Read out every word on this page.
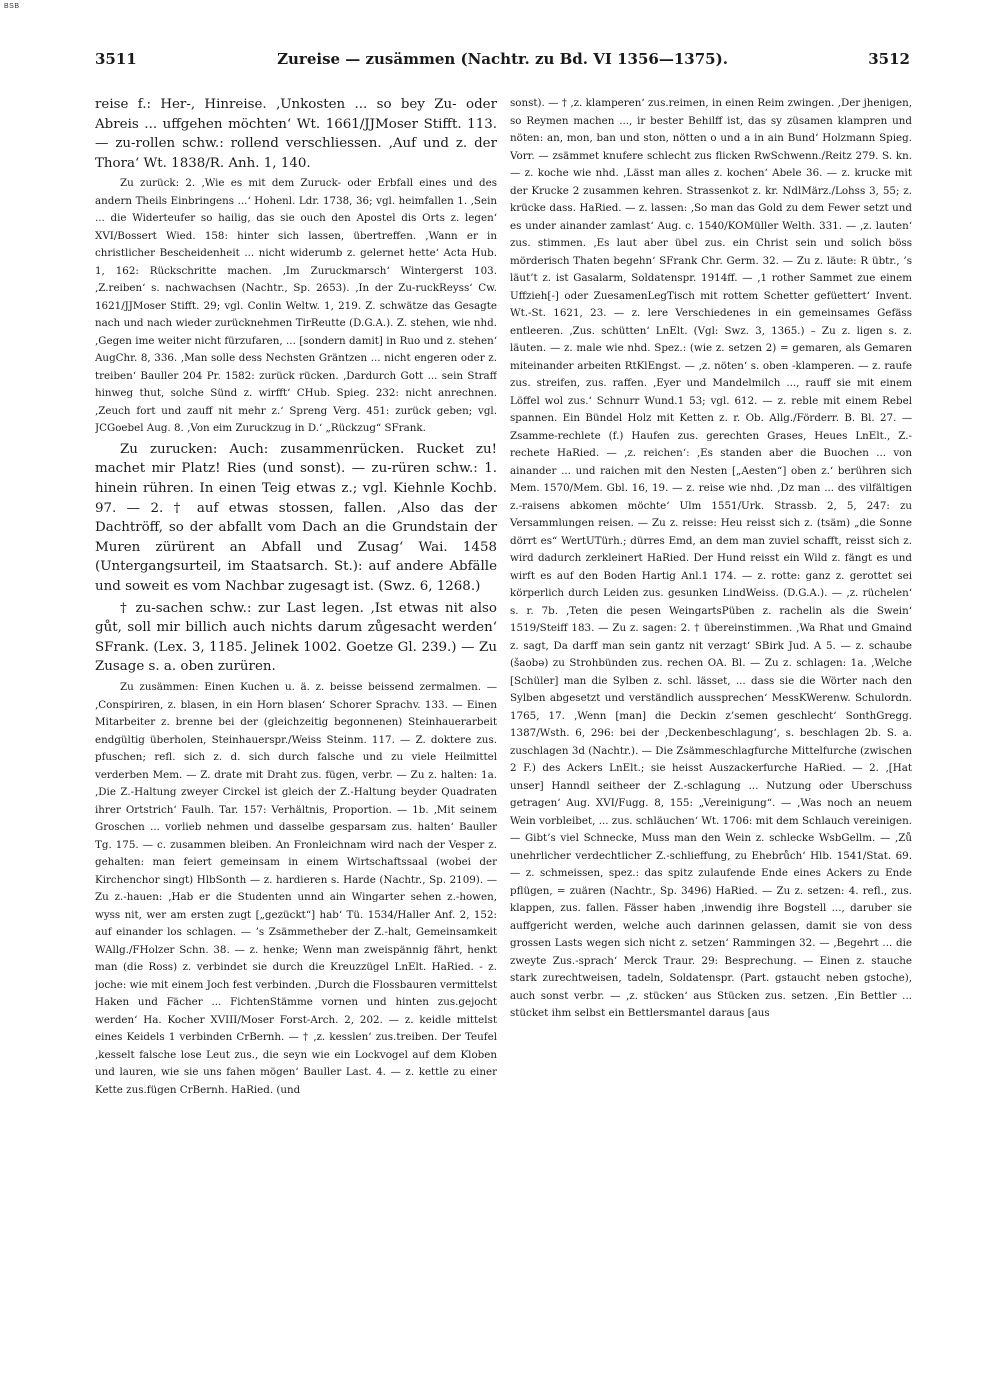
BSB
3511	Zureise — zusämmen (Nachtr. zu Bd. VI 1356—1375).	3512

reise f.: Her-, Hinreise. ‚Unkosten ... so bey Zu- oder Abreis ... uffgehen möchten‘ Wt. 1661/JJMoser Stifft. 113. — zu-rollen schw.: rollend verschliessen. ‚Auf und z. der Thora‘ Wt. 1838/R. Anh. 1, 140.

Zu zurück: 2. ‚Wie es mit dem Zuruck- oder Erbfall eines und des andern Theils Einbringens ...‘ Hohenl. Ldr. 1738, 36; vgl. heimfallen 1. ‚Sein ... die Widerteufer so hailig, das sie ouch den Apostel dis Orts z. legen‘ XVI/Bossert Wied. 158: hinter sich lassen, übertreffen. ‚Wann er in christlicher Bescheidenheit ... nicht widerumb z. gelernet hette‘ Acta Hub. 1, 162: Rückschritte machen. ‚Im Zuruckmarsch‘ Wintergerst 103. ‚Z.reiben‘ s. nachwachsen (Nachtr., Sp. 2653). ‚In der Zu-ruckReyss‘ Cw. 1621/JJMoser Stifft. 29; vgl. Conlin Weltw. 1, 219. Z. schwätze das Gesagte nach und nach wieder zurücknehmen TirReutte (D.G.A.). Z. stehen, wie nhd. ‚Gegen ime weiter nicht fürzufaren, ... [sondern damit] in Ruo und z. stehen‘ AugChr. 8, 336. ‚Man solle dess Nechsten Gräntzen ... nicht engeren oder z. treiben‘ Bauller 204 Pr. 1582: zurück rücken. ‚Dardurch Gott ... sein Straff hinweg thut, solche Sünd z. wirfft‘ CHub. Spieg. 232: nicht anrechnen. ‚Zeuch fort und zauff nit mehr z.‘ Spreng Verg. 451: zurück geben; vgl. JCGoebel Aug. 8. ‚Von eim Zuruckzug in D.‘ „Rückzug“ SFrank.

Zu zurucken: Auch: zusammenrücken. Rucket zu! machet mir Platz! Ries (und sonst). — zu-rüren schw.: 1. hinein rühren. In einen Teig etwas z.; vgl. Kiehnle Kochb. 97. — 2. † auf etwas stossen, fallen. ‚Also das der Dachtröff, so der abfallt vom Dach an die Grundstain der Muren zürürent an Abfall und Zusag‘ Wai. 1458 (Untergangsurteil, im Staatsarch. St.): auf andere Abfälle und soweit es vom Nachbar zugesagt ist. (Swz. 6, 1268.)

† zu-sachen schw.: zur Last legen. ‚Ist etwas nit also gůt, soll mir billich auch nichts darum zůgesacht werden‘ SFrank. (Lex. 3, 1185. Jelinek 1002. Goetze Gl. 239.) — Zu Zusage s. a. oben zurüren.

Zu zusämmen: Einen Kuchen u. ä. z. beisse beissend zermalmen. — ‚Conspiriren, z. blasen, in ein Horn blasen‘ Schorer Sprachv. 133. — Einen Mitarbeiter z. brenne bei der (gleichzeitig begonnenen) Steinhauerarbeit endgültig überholen, Steinhauerspr./Weiss Steinm. 117. — Z. doktere zus. pfuschen; refl. sich z. d. sich durch falsche und zu viele Heilmittel verderben Mem. — Z. drate mit Draht zus. fügen, verbr. — Zu z. halten: 1a. ‚Die Z.-Haltung zweyer Circkel ist gleich der Z.-Haltung beyder Quadraten ihrer Ortstrich‘ Faulh. Tar. 157: Verhältnis, Proportion. — 1b. ‚Mit seinem Groschen ... vorlieb nehmen und dasselbe gesparsam zus. halten‘ Bauller Tg. 175. — c. zusammen bleiben. An Fronleichnam wird nach der Vesper z. gehalten: man feiert gemeinsam in einem Wirtschaftssaal (wobei der Kirchenchor singt) HlbSonth — z. hardieren s. Harde (Nachtr., Sp. 2109). — Zu z.-hauen: ‚Hab er die Studenten unnd ain Wingarter sehen z.-howen, wyss nit, wer am ersten zugt [„gezückt“] hab‘ Tü. 1534/Haller Anf. 2, 152: auf einander los schlagen. — ’s Zsämmetheber der Z.-halt, Gemeinsamkeit WAllg./FHolzer Schn. 38. — z. henke; Wenn man zweispännig fährt, henkt man (die Ross) z. verbindet sie durch die Kreuzzügel LnElt. HaRied. - z. joche: wie mit einem Joch fest verbinden. ‚Durch die Flossbauren vermittelst Haken und Fächer ... FichtenStämme vornen und hinten zus.gejocht werden‘ Ha. Kocher XVIII/Moser Forst-Arch. 2, 202. — z. keidle mittelst eines Keidels 1 verbinden CrBernh. — † ‚z. kesslen‘ zus.treiben. Der Teufel ‚kesselt falsche lose Leut zus., die seyn wie ein Lockvogel auf dem Kloben und lauren, wie sie uns fahen mögen‘ Bauller Last. 4. — z. kettle zu einer Kette zus.fügen CrBernh. HaRied. (und

sonst). — † ‚z. klamperen‘ zus.reimen, in einen Reim zwingen. ‚Der jhenigen, so Reymen machen ..., ir bester Behilff ist, das sy züsamen klampren und nöten: an, mon, ban und ston, nötten o und a in ain Bund‘ Holzmann Spieg. Vorr. — zsämmet knufere schlecht zus flicken RwSchwenn./Reitz 279. S. kn. — z. koche wie nhd. ‚Lässt man alles z. kochen‘ Abele 36. — z. krucke mit der Krucke 2 zusammen kehren. Strassenkot z. kr. NdlMärz./Lohss 3, 55; z. krücke dass. HaRied. — z. lassen: ‚So man das Gold zu dem Fewer setzt und es under ainander zamlast‘ Aug. c. 1540/KOMüller Welth. 331. — ‚z. lauten‘ zus. stimmen. ‚Es laut aber übel zus. ein Christ sein und solich böss mörderisch Thaten begehn‘ SFrank Chr. Germ. 32. — Zu z. läute: R übtr., ’s läut’t z. ist Gasalarm, Soldatenspr. 1914ff. — ‚1 rother Sammet zue einem Uffzieh[-] oder ZuesamenLegTisch mit rottem Schetter gefüettert‘ Invent. Wt.-St. 1621, 23. — z. lere Verschiedenes in ein gemeinsames Gefäss entleeren. ‚Zus. schütten‘ LnElt. (Vgl: Swz. 3, 1365.) – Zu z. ligen s. z. läuten. — z. male wie nhd. Spez.: (wie z. setzen 2) = gemaren, als Gemaren miteinander arbeiten RtKlEngst. — ‚z. nöten‘ s. oben -klamperen. — z. raufe zus. streifen, zus. raffen. ‚Eyer und Mandelmilch ..., rauff sie mit einem Löffel wol zus.‘ Schnurr Wund.1 53; vgl. 612. — z. reble mit einem Rebel spannen. Ein Bündel Holz mit Ketten z. r. Ob. Allg./Förderr. B. Bl. 27. — Zsamme-rechlete (f.) Haufen zus. gerechten Grases, Heues LnElt., Z.-rechete HaRied. — ‚z. reichen‘: ‚Es standen aber die Buochen ... von ainander ... und raichen mit den Nesten [„Aesten“] oben z.‘ berühren sich Mem. 1570/Mem. Gbl. 16, 19. — z. reise wie nhd. ‚Dz man ... des vilfältigen z.-raisens abkomen möchte‘ Ulm 1551/Urk. Strassb. 2, 5, 247: zu Versammlungen reisen. — Zu z. reisse: Heu reisst sich z. (tsäm) „die Sonne dörrt es“ WertUTürh.; dürres Emd, an dem man zuviel schafft, reisst sich z. wird dadurch zerkleinert HaRied. Der Hund reisst ein Wild z. fängt es und wirft es auf den Boden Hartig Anl.1 174. — z. rotte: ganz z. gerottet sei körperlich durch Leiden zus. gesunken LindWeiss. (D.G.A.). — ‚z. rüchelen‘ s. r. 7b. ‚Teten die pesen WeingartsPüben z. rachelin als die Swein‘ 1519/Steiff 183. — Zu z. sagen: 2. † übereinstimmen. ‚Wa Rhat und Gmaind z. sagt, Da darff man sein gantz nit verzagt‘ SBirk Jud. A 5. — z. schaube (šaobə) zu Strohbünden zus. rechen OA. Bl. — Zu z. schlagen: 1a. ‚Welche [Schüler] man die Sylben z. schl. lässet, ... dass sie die Wörter nach den Sylben abgesetzt und verständlich aussprechen‘ MessKWerenw. Schulordn. 1765, 17. ‚Wenn [man] die Deckin z’semen geschlecht‘ SonthGregg. 1387/Wsth. 6, 296: bei der ‚Deckenbeschlagung‘, s. beschlagen 2b. S. a. zuschlagen 3d (Nachtr.). — Die Zsämmeschlagfurche Mittelfurche (zwischen 2 F.) des Ackers LnElt.; sie heisst Auszackerfurche HaRied. — 2. ‚[Hat unser] Hanndl seitheer der Z.-schlagung ... Nutzung oder Uberschuss getragen‘ Aug. XVI/Fugg. 8, 155: „Vereinigung“. — ‚Was noch an neuem Wein vorbleibet, ... zus. schläuchen‘ Wt. 1706: mit dem Schlauch vereinigen. — Gibt’s viel Schnecke, Muss man den Wein z. schlecke WsbGellm. — ‚Zů unehrlicher verdechtlicher Z.-schlieffung, zu Ehebrůch‘ Hlb. 1541/Stat. 69. — z. schmeissen, spez.: das spitz zulaufende Ende eines Ackers zu Ende pflügen, = zuären (Nachtr., Sp. 3496) HaRied. — Zu z. setzen: 4. refl., zus. klappen, zus. fallen. Fässer haben ‚inwendig ihre Bogstell ..., daruber sie auffgericht werden, welche auch darinnen gelassen, damit sie von dess grossen Lasts wegen sich nicht z. setzen‘ Rammingen 32. — ‚Begehrt ... die zweyte Zus.-sprach‘ Merck Traur. 29: Besprechung. — Einen z. stauche stark zurechtweisen, tadeln, Soldatenspr. (Part. gstaucht neben gstoche), auch sonst verbr. — ‚z. stücken‘ aus Stücken zus. setzen. ‚Ein Bettler ... stücket ihm selbst ein Bettlersmantel daraus [aus
